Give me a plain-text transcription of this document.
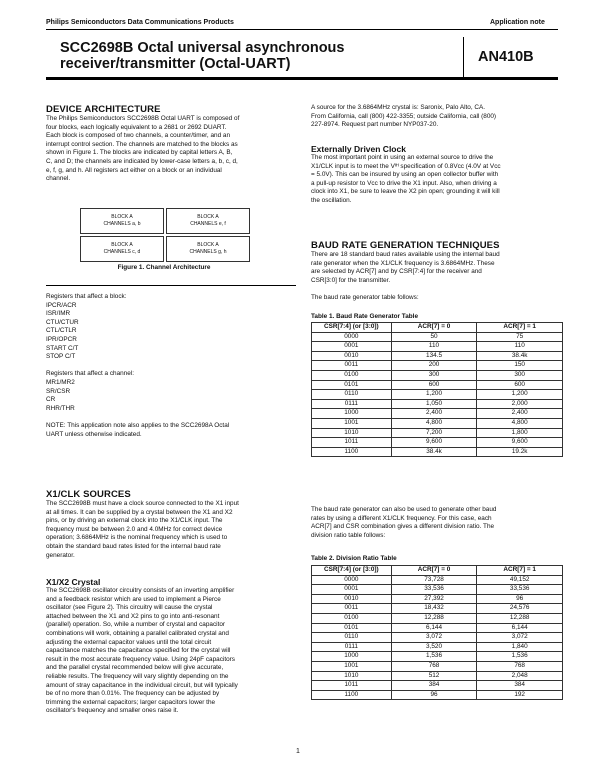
Philips Semiconductors Data Communications Products	Application note
SCC2698B Octal universal asynchronous
receiver/transmitter (Octal-UART)	AN410B

DEVICE ARCHITECTURE

The Philips Semiconductors SCC2698B Octal UART is composed of

four blocks, each logically equivalent to a 2681 or 2692 DUART.

Each block is composed of two channels, a counter/timer, and an

interrupt control section. The channels are matched to the blocks as

shown in Figure 1. The blocks are indicated by capital letters A, B,

C, and D; the channels are indicated by lower-case letters a, b, c, d,

e, f, g, and h. All registers act either on a block or an individual

channel.

BLOCK A
CHANNELS a, b
BLOCK A
CHANNELS e, f
BLOCK A
CHANNELS c, d
BLOCK A
CHANNELS g, h
Figure 1. Channel Architecture

Registers that affect a block:

IPCR/ACR

ISR/IMR

CTU/CTUR

CTL/CTLR

IPR/OPCR

START C/T

STOP C/T

Registers that affect a channel:

MR1/MR2

SR/CSR

CR

RHR/THR

NOTE: This application note also applies to the SCC2698A Octal

UART unless otherwise indicated.

X1/CLK SOURCES

The SCC2698B must have a clock source connected to the X1 input

at all times. It can be supplied by a crystal between the X1 and X2

pins, or by driving an external clock into the X1/CLK input. The

frequency must be between 2.0 and 4.0MHz for correct device

operation; 3.6864MHz is the nominal frequency which is used to

obtain the standard baud rates listed for the internal baud rate

generator.

X1/X2 Crystal

The SCC2698B oscillator circuitry consists of an inverting amplifier

and a feedback resistor which are used to implement a Pierce

oscillator (see Figure 2). This circuitry will cause the crystal

attached between the X1 and X2 pins to go into anti-resonant

(parallel) operation. So, while a number of crystal and capacitor

combinations will work, obtaining a parallel calibrated crystal and

adjusting the external capacitor values until the total circuit

capacitance matches the capacitance specified for the crystal will

result in the most accurate frequency value. Using 24pF capacitors

and the parallel crystal recommended below will give accurate,

reliable results. The frequency will vary slightly depending on the

amount of stray capacitance in the individual circuit, but will typically

be of no more than 0.01%. The frequency can be adjusted by

trimming the external capacitors; larger capacitors lower the

oscillator's frequency and smaller ones raise it.

A source for the 3.6864MHz crystal is: Saronix, Palo Alto, CA.

From California, call (800) 422-3355; outside California, call (800)

227-8974. Request part number NYP037-20.

Externally Driven Clock

The most important point in using an external source to drive the

X1/CLK input is to meet the Vᴵᴴ specification of 0.8Vᴄᴄ (4.0V at Vᴄᴄ

= 5.0V). This can be insured by using an open collector buffer with

a pull-up resistor to Vᴄᴄ to drive the X1 input. Also, when driving a

clock into X1, be sure to leave the X2 pin open; grounding it will kill

the oscillation.

BAUD RATE GENERATION TECHNIQUES

There are 18 standard baud rates available using the internal baud

rate generator when the X1/CLK frequency is 3.6864MHz. These

are selected by ACR[7] and by CSR[7:4] for the receiver and

CSR[3:0] for the transmitter.

The baud rate generator table follows:

Table 1. Baud Rate Generator Table
CSR[7:4] (or [3:0])	ACR[7] = 0	ACR[7] = 1
0000	50	75
0001	110	110
0010	134.5	38.4k
0011	200	150
0100	300	300
0101	600	600
0110	1,200	1,200
0111	1,050	2,000
1000	2,400	2,400
1001	4,800	4,800
1010	7,200	1,800
1011	9,600	9,600
1100	38.4k	19.2k

The baud rate generator can also be used to generate other baud

rates by using a different X1/CLK frequency. For this case, each

ACR[7] and CSR combination gives a different division ratio. The

division ratio table follows:

Table 2. Division Ratio Table
CSR[7:4] (or [3:0])	ACR[7] = 0	ACR[7] = 1
0000	73,728	49,152
0001	33,536	33,536
0010	27,392	96
0011	18,432	24,576
0100	12,288	12,288
0101	6,144	6,144
0110	3,072	3,072
0111	3,520	1,840
1000	1,536	1,536
1001	768	768
1010	512	2,048
1011	384	384
1100	96	192
1
